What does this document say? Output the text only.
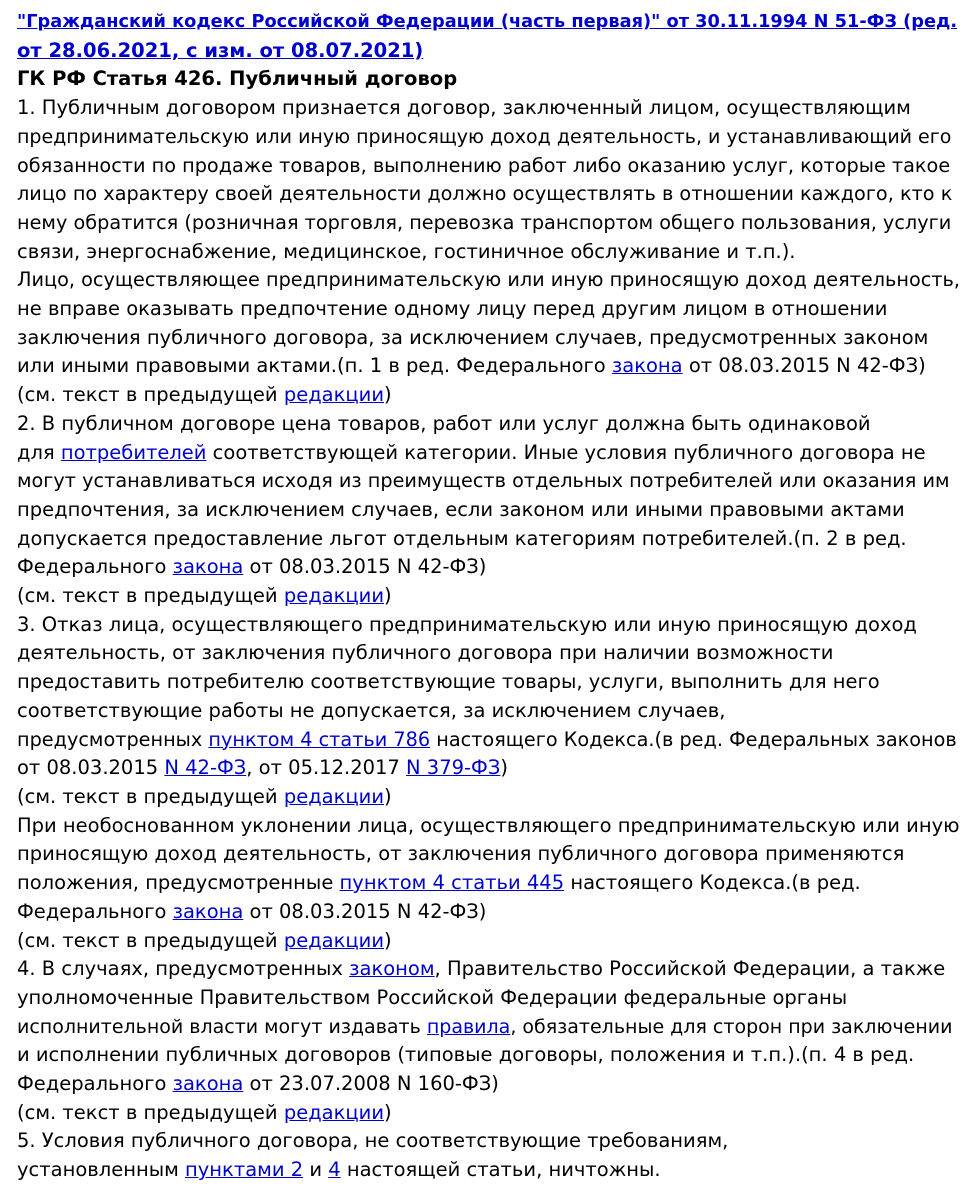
"Гражданский кодекс Российской Федерации (часть первая)" от 30.11.1994 N 51-ФЗ (ред.

от 28.06.2021, с изм. от 08.07.2021)

ГК РФ Статья 426. Публичный договор

1. Публичным договором признается договор, заключенный лицом, осуществляющим

предпринимательскую или иную приносящую доход деятельность, и устанавливающий его

обязанности по продаже товаров, выполнению работ либо оказанию услуг, которые такое

лицо по характеру своей деятельности должно осуществлять в отношении каждого, кто к

нему обратится (розничная торговля, перевозка транспортом общего пользования, услуги

связи, энергоснабжение, медицинское, гостиничное обслуживание и т.п.).

Лицо, осуществляющее предпринимательскую или иную приносящую доход деятельность,

не вправе оказывать предпочтение одному лицу перед другим лицом в отношении

заключения публичного договора, за исключением случаев, предусмотренных законом

или иными правовыми актами.(п. 1 в ред. Федерального закона от 08.03.2015 N 42-ФЗ)

(см. текст в предыдущей редакции)

2. В публичном договоре цена товаров, работ или услуг должна быть одинаковой

для потребителей соответствующей категории. Иные условия публичного договора не

могут устанавливаться исходя из преимуществ отдельных потребителей или оказания им

предпочтения, за исключением случаев, если законом или иными правовыми актами

допускается предоставление льгот отдельным категориям потребителей.(п. 2 в ред.

Федерального закона от 08.03.2015 N 42-ФЗ)

(см. текст в предыдущей редакции)

3. Отказ лица, осуществляющего предпринимательскую или иную приносящую доход

деятельность, от заключения публичного договора при наличии возможности

предоставить потребителю соответствующие товары, услуги, выполнить для него

соответствующие работы не допускается, за исключением случаев,

предусмотренных пунктом 4 статьи 786 настоящего Кодекса.(в ред. Федеральных законов

от 08.03.2015 N 42-ФЗ, от 05.12.2017 N 379-ФЗ)

(см. текст в предыдущей редакции)

При необоснованном уклонении лица, осуществляющего предпринимательскую или иную

приносящую доход деятельность, от заключения публичного договора применяются

положения, предусмотренные пунктом 4 статьи 445 настоящего Кодекса.(в ред.

Федерального закона от 08.03.2015 N 42-ФЗ)

(см. текст в предыдущей редакции)

4. В случаях, предусмотренных законом, Правительство Российской Федерации, а также

уполномоченные Правительством Российской Федерации федеральные органы

исполнительной власти могут издавать правила, обязательные для сторон при заключении

и исполнении публичных договоров (типовые договоры, положения и т.п.).(п. 4 в ред.

Федерального закона от 23.07.2008 N 160-ФЗ)

(см. текст в предыдущей редакции)

5. Условия публичного договора, не соответствующие требованиям,

установленным пунктами 2 и 4 настоящей статьи, ничтожны.
